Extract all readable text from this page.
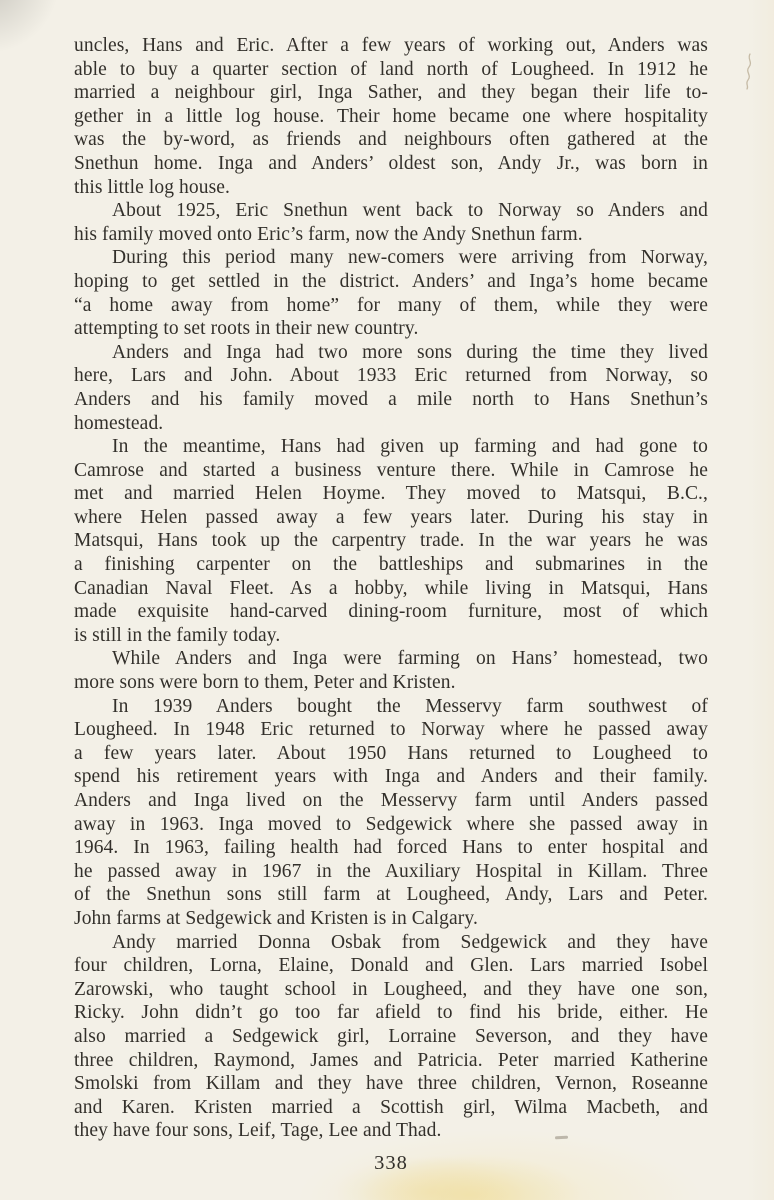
uncles, Hans and Eric. After a few years of working out, Anders was
able to buy a quarter section of land north of Lougheed. In 1912 he
married a neighbour girl, Inga Sather, and they began their life to-
gether in a little log house. Their home became one where hospitality
was the by-word, as friends and neighbours often gathered at the
Snethun home. Inga and Anders’ oldest son, Andy Jr., was born in
this little log house.
About 1925, Eric Snethun went back to Norway so Anders and
his family moved onto Eric’s farm, now the Andy Snethun farm.
During this period many new-comers were arriving from Norway,
hoping to get settled in the district. Anders’ and Inga’s home became
“a home away from home” for many of them, while they were
attempting to set roots in their new country.
Anders and Inga had two more sons during the time they lived
here, Lars and John. About 1933 Eric returned from Norway, so
Anders and his family moved a mile north to Hans Snethun’s
homestead.
In the meantime, Hans had given up farming and had gone to
Camrose and started a business venture there. While in Camrose he
met and married Helen Hoyme. They moved to Matsqui, B.C.,
where Helen passed away a few years later. During his stay in
Matsqui, Hans took up the carpentry trade. In the war years he was
a finishing carpenter on the battleships and submarines in the
Canadian Naval Fleet. As a hobby, while living in Matsqui, Hans
made exquisite hand-carved dining-room furniture, most of which
is still in the family today.
While Anders and Inga were farming on Hans’ homestead, two
more sons were born to them, Peter and Kristen.
In 1939 Anders bought the Messervy farm southwest of
Lougheed. In 1948 Eric returned to Norway where he passed away
a few years later. About 1950 Hans returned to Lougheed to
spend his retirement years with Inga and Anders and their family.
Anders and Inga lived on the Messervy farm until Anders passed
away in 1963. Inga moved to Sedgewick where she passed away in
1964. In 1963, failing health had forced Hans to enter hospital and
he passed away in 1967 in the Auxiliary Hospital in Killam. Three
of the Snethun sons still farm at Lougheed, Andy, Lars and Peter.
John farms at Sedgewick and Kristen is in Calgary.
Andy married Donna Osbak from Sedgewick and they have
four children, Lorna, Elaine, Donald and Glen. Lars married Isobel
Zarowski, who taught school in Lougheed, and they have one son,
Ricky. John didn’t go too far afield to find his bride, either. He
also married a Sedgewick girl, Lorraine Severson, and they have
three children, Raymond, James and Patricia. Peter married Katherine
Smolski from Killam and they have three children, Vernon, Roseanne
and Karen. Kristen married a Scottish girl, Wilma Macbeth, and
they have four sons, Leif, Tage, Lee and Thad.
338
